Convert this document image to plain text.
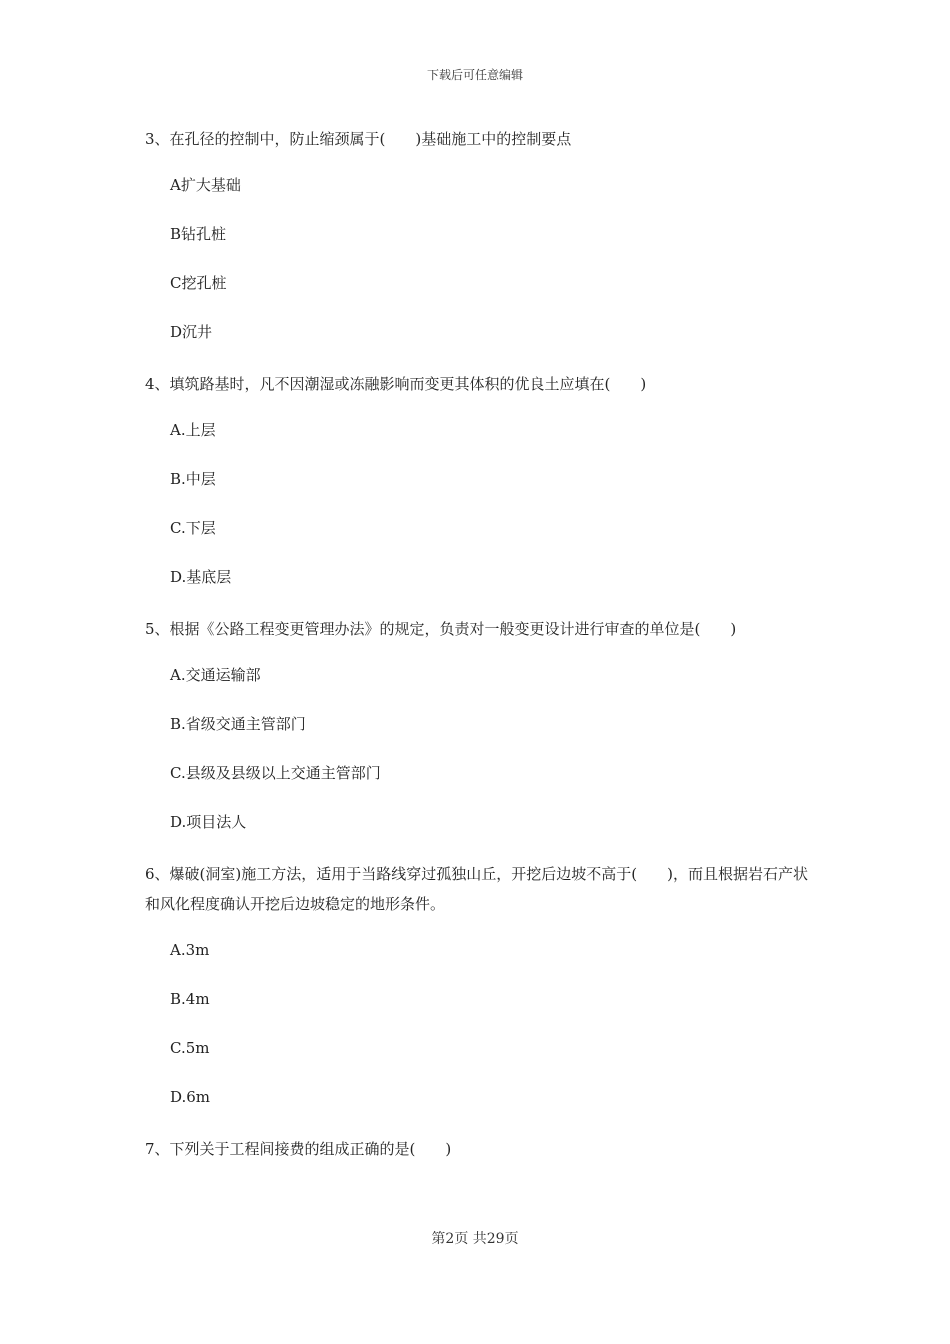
下载后可任意编辑
3、在孔径的控制中，防止缩颈属于(　　)基础施工中的控制要点
A扩大基础
B钻孔桩
C挖孔桩
D沉井
4、填筑路基时，凡不因潮湿或冻融影响而变更其体积的优良土应填在(　　)
A.上层
B.中层
C.下层
D.基底层
5、根据《公路工程变更管理办法》的规定，负责对一般变更设计进行审查的单位是(　　)
A.交通运输部
B.省级交通主管部门
C.县级及县级以上交通主管部门
D.项目法人
6、爆破(洞室)施工方法，适用于当路线穿过孤独山丘，开挖后边坡不高于(　　)，而且根据岩石产状和风化程度确认开挖后边坡稳定的地形条件。
A.3m
B.4m
C.5m
D.6m
7、下列关于工程间接费的组成正确的是(　　)
第2页 共29页
